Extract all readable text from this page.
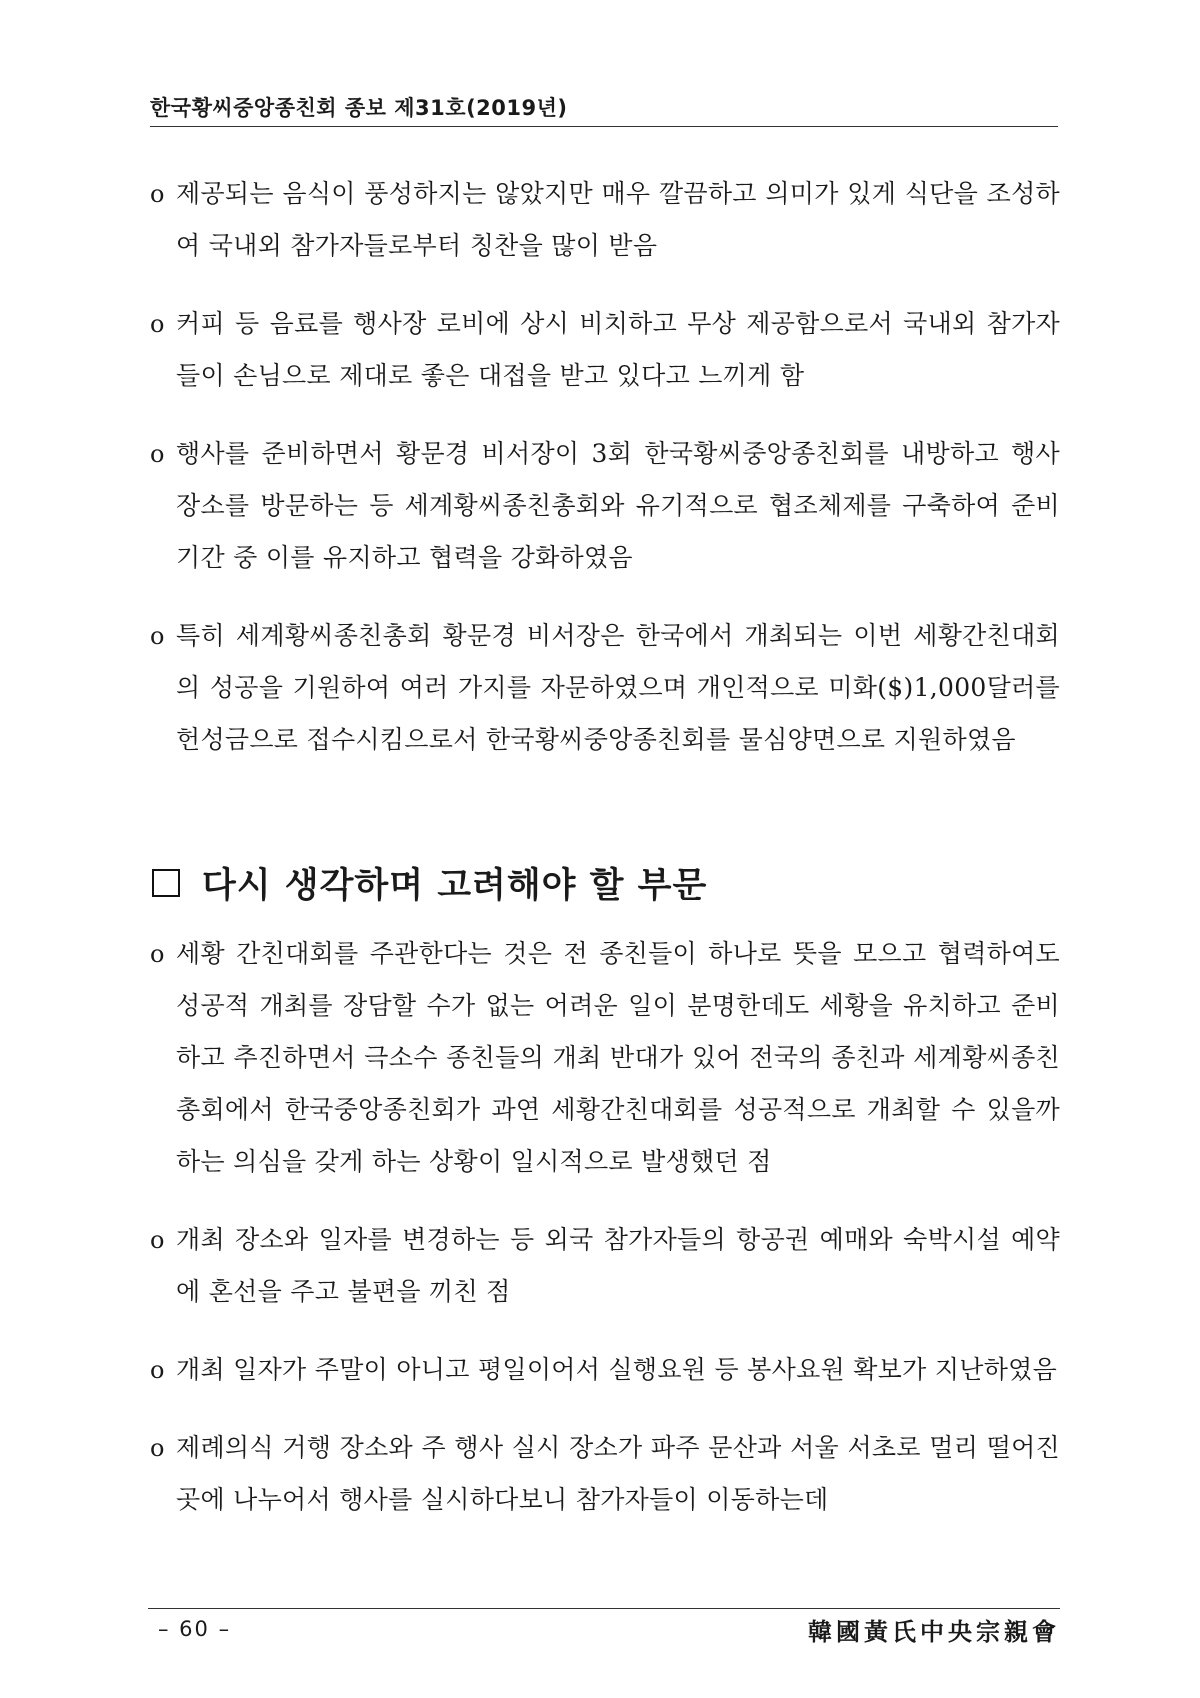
한국황씨중앙종친회 종보 제31호(2019년)
o 제공되는 음식이 풍성하지는 않았지만 매우 깔끔하고 의미가 있게 식단을 조성하여 국내외 참가자들로부터 칭찬을 많이 받음
o 커피 등 음료를 행사장 로비에 상시 비치하고 무상 제공함으로서 국내외 참가자들이 손님으로 제대로 좋은 대접을 받고 있다고 느끼게 함
o 행사를 준비하면서 황문경 비서장이 3회 한국황씨중앙종친회를 내방하고 행사 장소를 방문하는 등 세계황씨종친총회와 유기적으로 협조체제를 구축하여 준비기간 중 이를 유지하고 협력을 강화하였음
o 특히 세계황씨종친총회 황문경 비서장은 한국에서 개최되는 이번 세황간친대회의 성공을 기원하여 여러 가지를 자문하였으며 개인적으로 미화($)1,000달러를 헌성금으로 접수시킴으로서 한국황씨중앙종친회를 물심양면으로 지원하였음
다시 생각하며 고려해야 할 부문
o 세황 간친대회를 주관한다는 것은 전 종친들이 하나로 뜻을 모으고 협력하여도 성공적 개최를 장담할 수가 없는 어려운 일이 분명한데도 세황을 유치하고 준비하고 추진하면서 극소수 종친들의 개최 반대가 있어 전국의 종친과 세계황씨종친총회에서 한국중앙종친회가 과연 세황간친대회를 성공적으로 개최할 수 있을까하는 의심을 갖게 하는 상황이 일시적으로 발생했던 점
o 개최 장소와 일자를 변경하는 등 외국 참가자들의 항공권 예매와 숙박시설 예약에 혼선을 주고 불편을 끼친 점
o 개최 일자가 주말이 아니고 평일이어서 실행요원 등 봉사요원 확보가 지난하였음
o 제례의식 거행 장소와 주 행사 실시 장소가 파주 문산과 서울 서초로 멀리 떨어진 곳에 나누어서 행사를 실시하다보니 참가자들이 이동하는데
– 60 –	韓國黃氏中央宗親會
